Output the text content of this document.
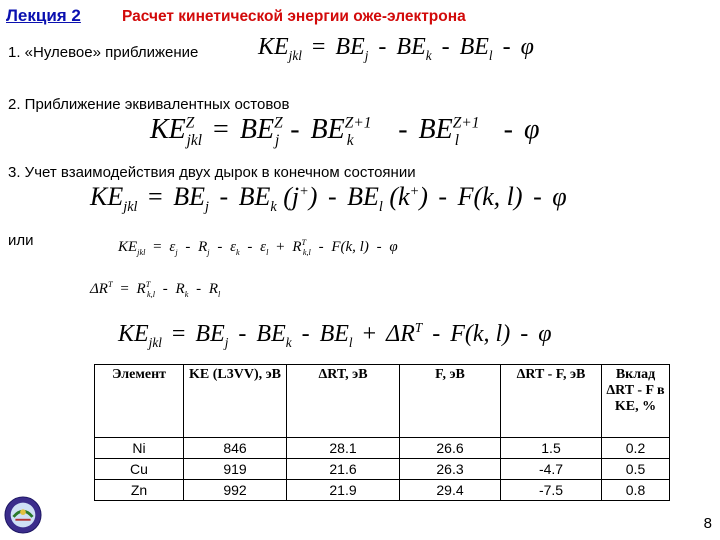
Лекция 2	Расчет кинетической энергии оже-электрона
1. «Нулевое» приближение $KE_{jkl} = BE_j - BE_k - BE_l - \varphi$
2. Приближение эквивалентных остовов
$KE^Z_{jkl} = BE^Z_j - BE^{Z+1}_k - BE^{Z+1}_l - \varphi$
3. Учет взаимодействия двух дырок в конечном состоянии
$KE_{jkl} = BE_j - BE_k$ $(j^+) - BE_l$ (k+) - F(k, l) - φ
или	$KE_{jkl} = \varepsilon_j - R_j - \varepsilon_k - \varepsilon_l + R^T_{k,l} - F(k$, l) - φ
$\Delta R^T = R^T_{k,l} - R_k - R_l$
$KE_{jkl} = BE_j - BE_k - BE_l + \Delta R^T - F(k$, l) - φ
Элемент	KE (L3VV), эВ	ΔRT, эВ	F, эВ	ΔRT - F, эВ	Вклад ΔRT - F в KE, %
Ni	846	28.1	26.6	1.5	0.2
Cu	919	21.6	26.3	-4.7	0.5
Zn	992	21.9	29.4	-7.5	0.8
8
